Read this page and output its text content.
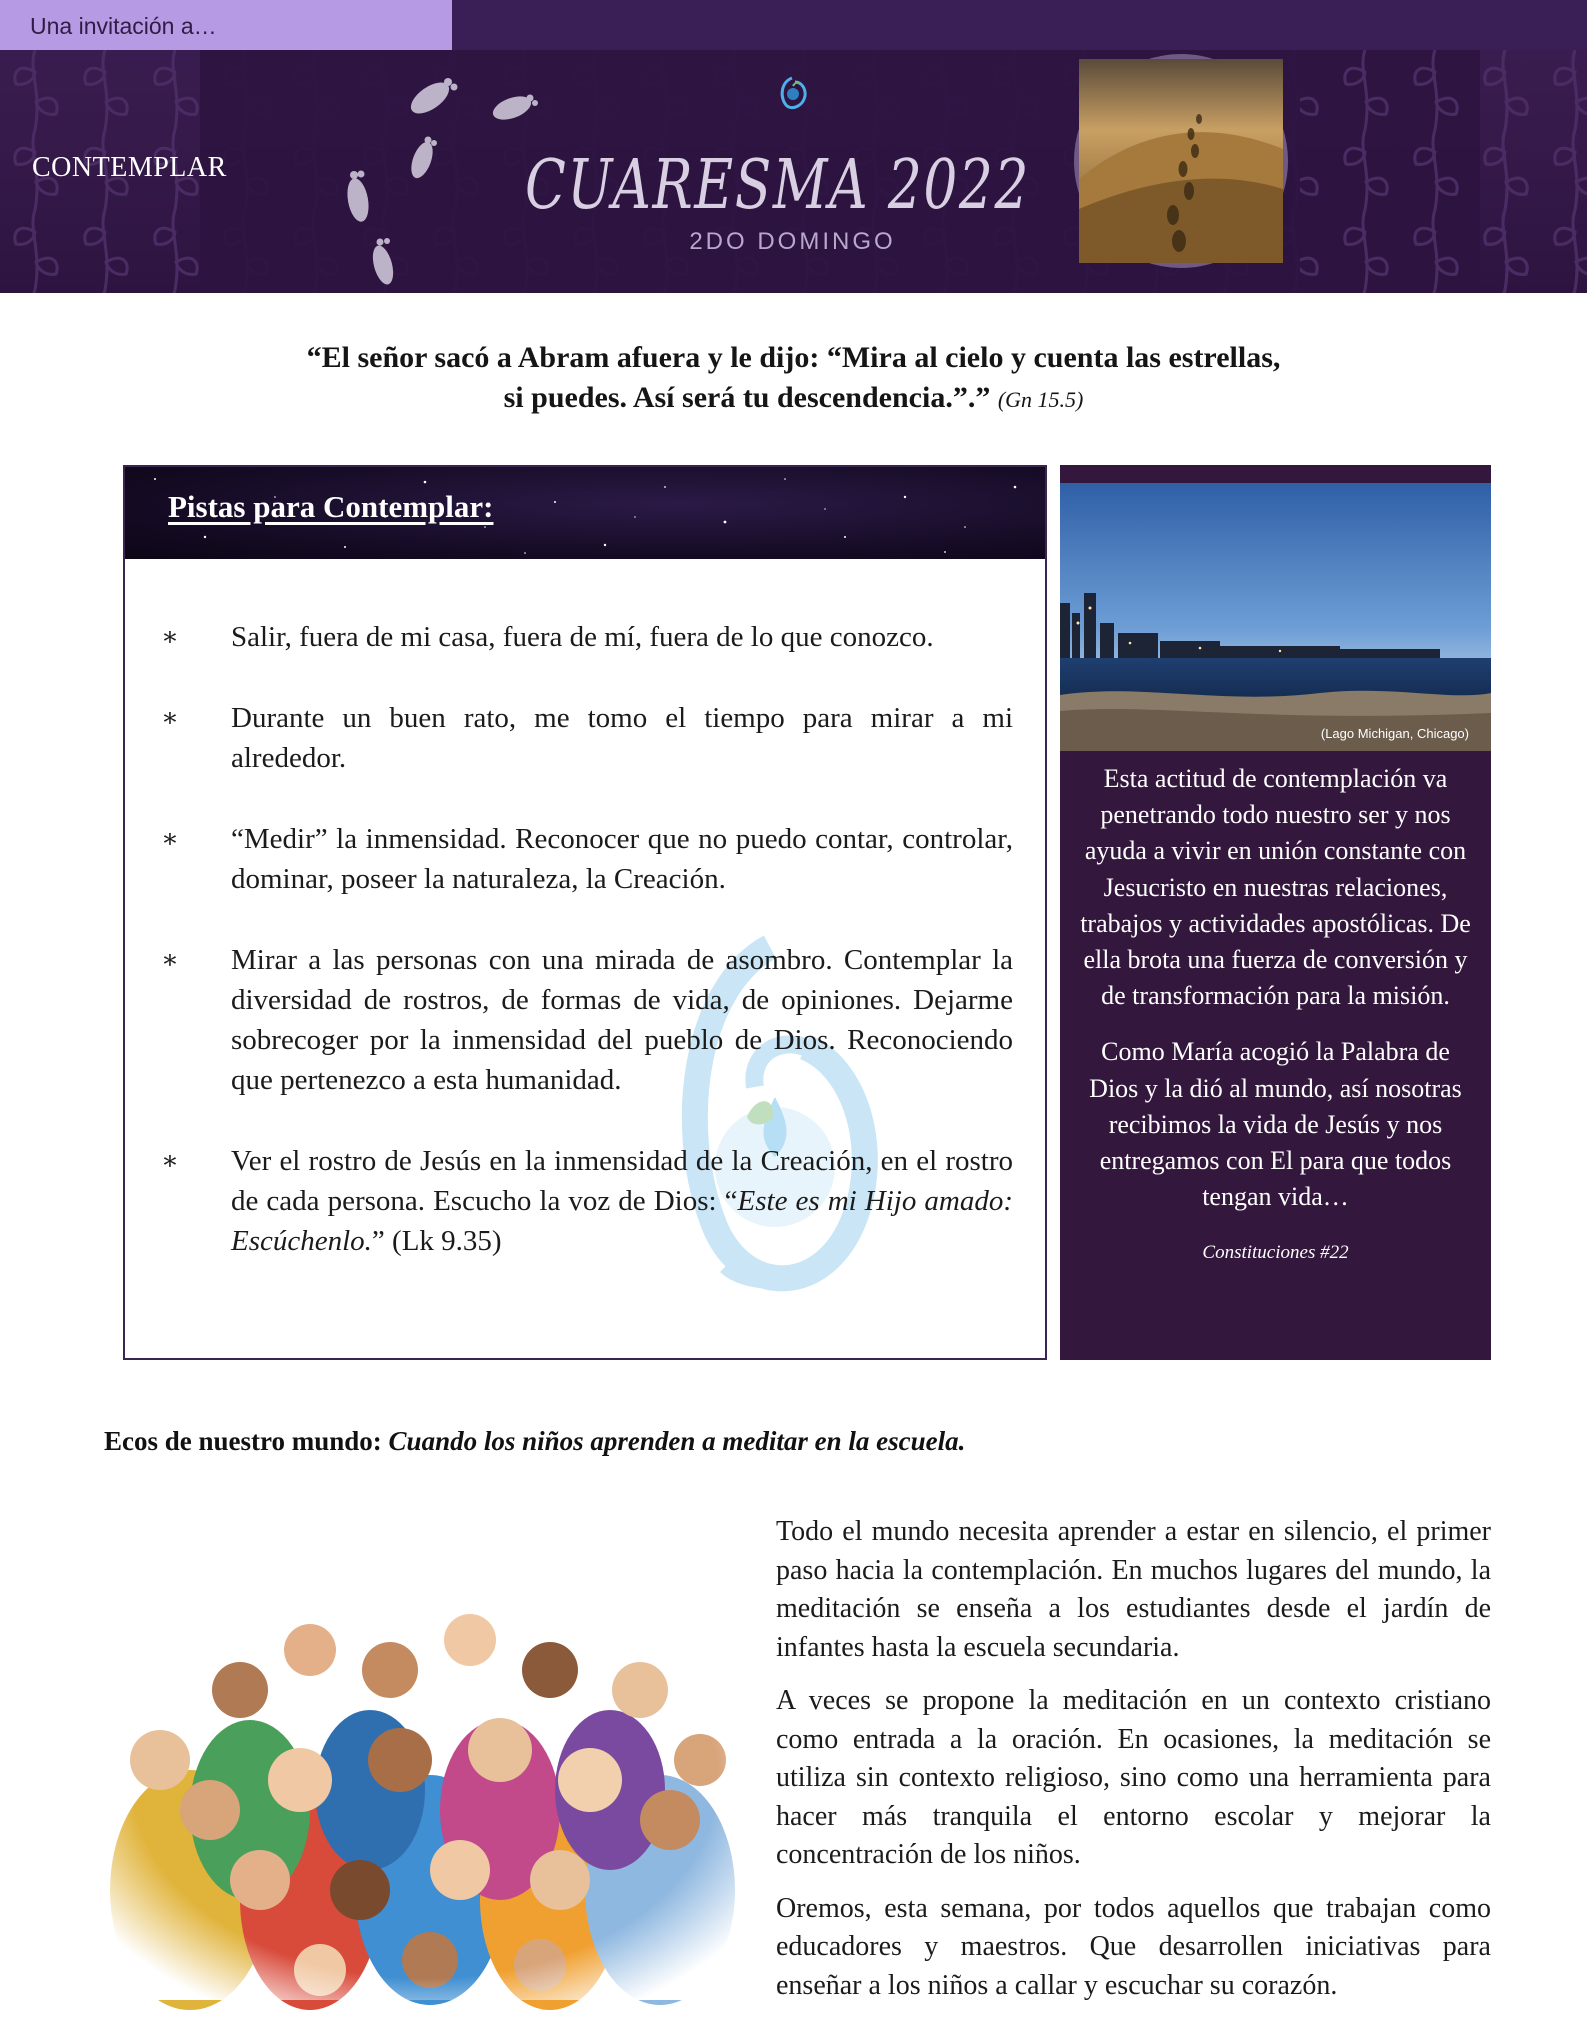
Una invitación a…
CONTEMPLAR	CUARESMA 2022
2DO DOMINGO
“El señor sacó a Abram afuera y le dijo: “Mira al cielo y cuenta las estrellas,
si puedes. Así será tu descendencia.”.” (Gn 15.5)
Pistas para Contemplar:
∗ Salir, fuera de mi casa, fuera de mí, fuera de lo que conozco.
∗ Durante un buen rato, me tomo el tiempo para mirar a mi alrededor.
∗ “Medir” la inmensidad. Reconocer que no puedo contar, controlar, dominar, poseer la naturaleza, la Creación.
∗ Mirar a las personas con una mirada de asombro. Contemplar la diversidad de rostros, de formas de vida, de opiniones. Dejarme sobrecoger por la inmensidad del pueblo de Dios. Reconociendo que pertenezco a esta humanidad.
∗ Ver el rostro de Jesús en la inmensidad de la Creación, en el rostro de cada persona. Escucho la voz de Dios: “Este es mi Hijo amado: Escúchenlo.” (Lk 9.35)
(Lago Michigan, Chicago)

Esta actitud de contemplación va penetrando todo nuestro ser y nos ayuda a vivir en unión constante con Jesucristo en nuestras relaciones, trabajos y actividades apostólicas. De ella brota una fuerza de conversión y de transformación para la misión.

Como María acogió la Palabra de Dios y la dió al mundo, así nosotras recibimos la vida de Jesús y nos entregamos con El para que todos tengan vida…

Constituciones #22
Ecos de nuestro mundo: Cuando los niños aprenden a meditar en la escuela.

Todo el mundo necesita aprender a estar en silencio, el primer paso hacia la contemplación. En muchos lugares del mundo, la meditación se enseña a los estudiantes desde el jardín de infantes hasta la escuela secundaria.

A veces se propone la meditación en un contexto cristiano como entrada a la oración. En ocasiones, la meditación se utiliza sin contexto religioso, sino como una herramienta para hacer más tranquila el entorno escolar y mejorar la concentración de los niños.

Oremos, esta semana, por todos aquellos que trabajan como educadores y maestros. Que desarrollen iniciativas para enseñar a los niños a callar y escuchar su corazón.
